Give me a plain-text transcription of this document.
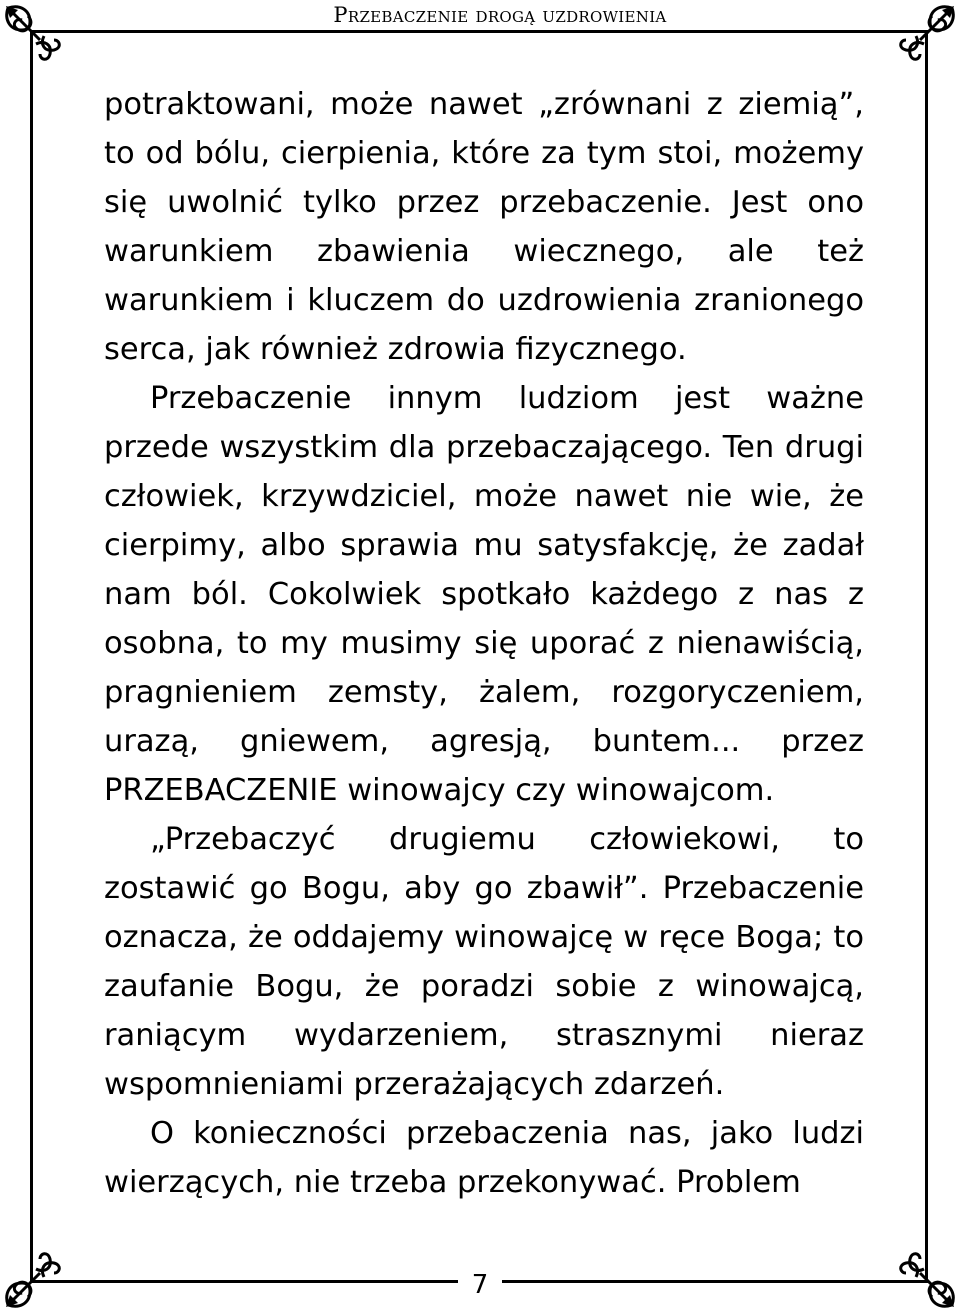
Przebaczenie drogą uzdrowienia

potraktowani, może nawet „zrównani z ziemią”, to od bólu, cierpienia, które za tym stoi, możemy się uwolnić tylko przez przebaczenie. Jest ono warunkiem zbawienia wiecznego, ale też warunkiem i kluczem do uzdrowienia zranionego serca, jak również zdrowia fizycznego.

Przebaczenie innym ludziom jest ważne przede wszystkim dla przebaczającego. Ten drugi człowiek, krzywdziciel, może nawet nie wie, że cierpimy, albo sprawia mu satysfakcję, że zadał nam ból. Cokolwiek spotkało każdego z nas z osobna, to my musimy się uporać z nienawiścią, pragnieniem zemsty, żalem, rozgoryczeniem, urazą, gniewem, agresją, buntem... przez PRZEBACZENIE winowajcy czy winowajcom.

„Przebaczyć drugiemu człowiekowi, to zostawić go Bogu, aby go zbawił”. Przebaczenie oznacza, że oddajemy winowajcę w ręce Boga; to zaufanie Bogu, że poradzi sobie z winowajcą, raniącym wydarzeniem, strasznymi nieraz wspomnieniami przerażających zdarzeń.

O konieczności przebaczenia nas, jako ludzi wierzących, nie trzeba przekonywać. Problem

7
